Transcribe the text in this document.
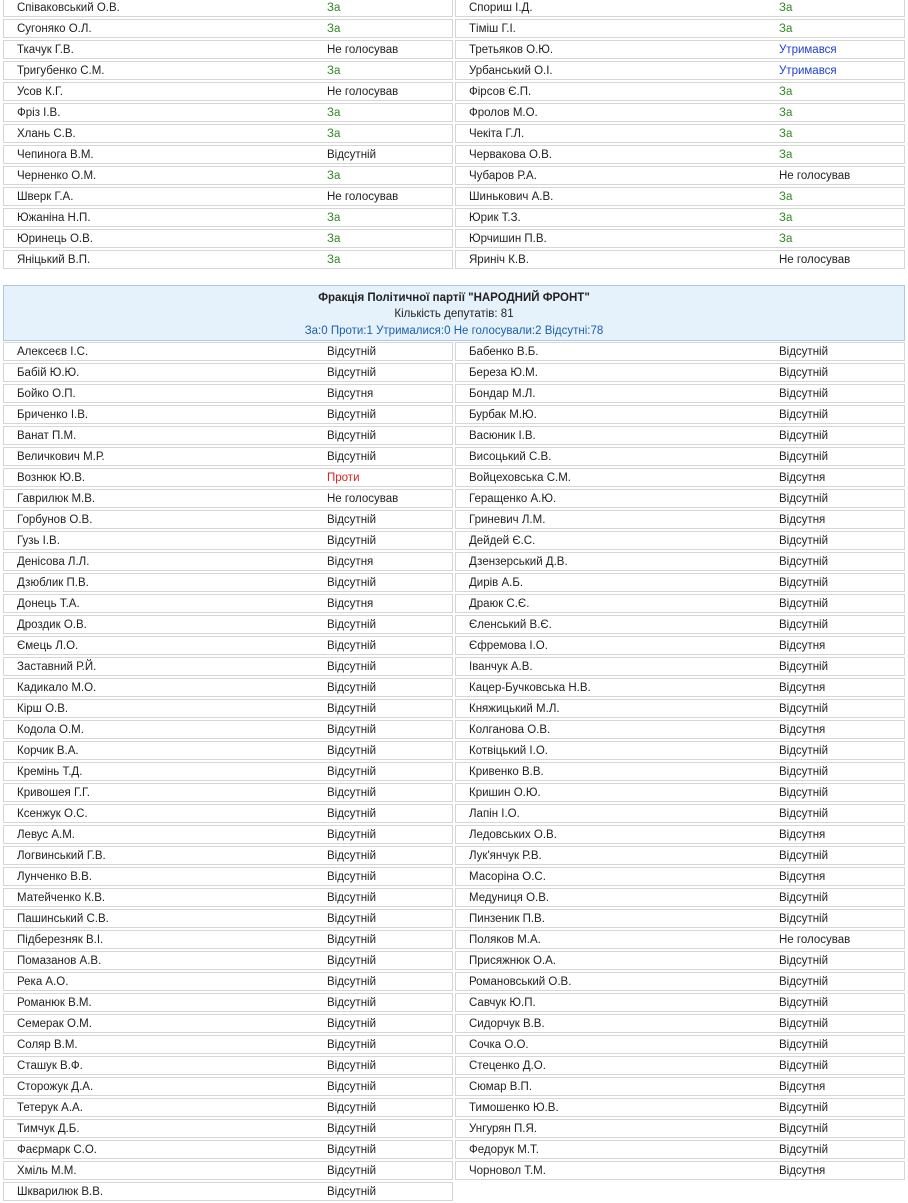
Співаковський О.В.	За
Сугоняко О.Л.	За
Ткачук Г.В.	Не голосував
Тригубенко С.М.	За
Усов К.Г.	Не голосував
Фріз І.В.	За
Хлань С.В.	За
Чепинога В.М.	Відсутній
Черненко О.М.	За
Шверк Г.А.	Не голосував
Южаніна Н.П.	За
Юринець О.В.	За
Яніцький В.П.	За
Спориш І.Д.	За
Тіміш Г.І.	За
Третьяков О.Ю.	Утримався
Урбанський О.І.	Утримався
Фірсов Є.П.	За
Фролов М.О.	За
Чекіта Г.Л.	За
Червакова О.В.	За
Чубаров Р.А.	Не голосував
Шинькович А.В.	За
Юрик Т.З.	За
Юрчишин П.В.	За
Яриніч К.В.	Не голосував
Фракція Політичної партії "НАРОДНИЙ ФРОНТ"
Кількість депутатів: 81
За:0 Проти:1 Утрималися:0 Не голосували:2 Відсутні:78
Алексеєв І.С.	Відсутній
Бабій Ю.Ю.	Відсутній
Бойко О.П.	Відсутня
Бриченко І.В.	Відсутній
Ванат П.М.	Відсутній
Величкович М.Р.	Відсутній
Вознюк Ю.В.	Проти
Гаврилюк М.В.	Не голосував
Горбунов О.В.	Відсутній
Гузь І.В.	Відсутній
Денісова Л.Л.	Відсутня
Дзюблик П.В.	Відсутній
Донець Т.А.	Відсутня
Дроздик О.В.	Відсутній
Ємець Л.О.	Відсутній
Заставний Р.Й.	Відсутній
Кадикало М.О.	Відсутній
Кірш О.В.	Відсутній
Кодола О.М.	Відсутній
Корчик В.А.	Відсутній
Кремінь Т.Д.	Відсутній
Кривошея Г.Г.	Відсутній
Ксенжук О.С.	Відсутній
Левус А.М.	Відсутній
Логвинський Г.В.	Відсутній
Лунченко В.В.	Відсутній
Матейченко К.В.	Відсутній
Пашинський С.В.	Відсутній
Підберезняк В.І.	Відсутній
Помазанов А.В.	Відсутній
Река А.О.	Відсутній
Романюк В.М.	Відсутній
Семерак О.М.	Відсутній
Соляр В.М.	Відсутній
Сташук В.Ф.	Відсутній
Сторожук Д.А.	Відсутній
Тетерук А.А.	Відсутній
Тимчук Д.Б.	Відсутній
Фаєрмарк С.О.	Відсутній
Хміль М.М.	Відсутній
Шкварилюк В.В.	Відсутній
Бабенко В.Б.	Відсутній
Береза Ю.М.	Відсутній
Бондар М.Л.	Відсутній
Бурбак М.Ю.	Відсутній
Васюник І.В.	Відсутній
Висоцький С.В.	Відсутній
Войцеховська С.М.	Відсутня
Геращенко А.Ю.	Відсутній
Гриневич Л.М.	Відсутня
Дейдей Є.С.	Відсутній
Дзензерський Д.В.	Відсутній
Дирів А.Б.	Відсутній
Драюк С.Є.	Відсутній
Єленський В.Є.	Відсутній
Єфремова І.О.	Відсутня
Іванчук А.В.	Відсутній
Кацер-Бучковська Н.В.	Відсутня
Княжицький М.Л.	Відсутній
Колганова О.В.	Відсутня
Котвіцький І.О.	Відсутній
Кривенко В.В.	Відсутній
Кришин О.Ю.	Відсутній
Лапін І.О.	Відсутній
Ледовських О.В.	Відсутня
Лук'янчук Р.В.	Відсутній
Масоріна О.С.	Відсутня
Медуниця О.В.	Відсутній
Пинзеник П.В.	Відсутній
Поляков М.А.	Не голосував
Присяжнюк О.А.	Відсутній
Романовський О.В.	Відсутній
Савчук Ю.П.	Відсутній
Сидорчук В.В.	Відсутній
Сочка О.О.	Відсутній
Стеценко Д.О.	Відсутній
Сюмар В.П.	Відсутня
Тимошенко Ю.В.	Відсутній
Унгурян П.Я.	Відсутній
Федорук М.Т.	Відсутній
Чорновол Т.М.	Відсутня
